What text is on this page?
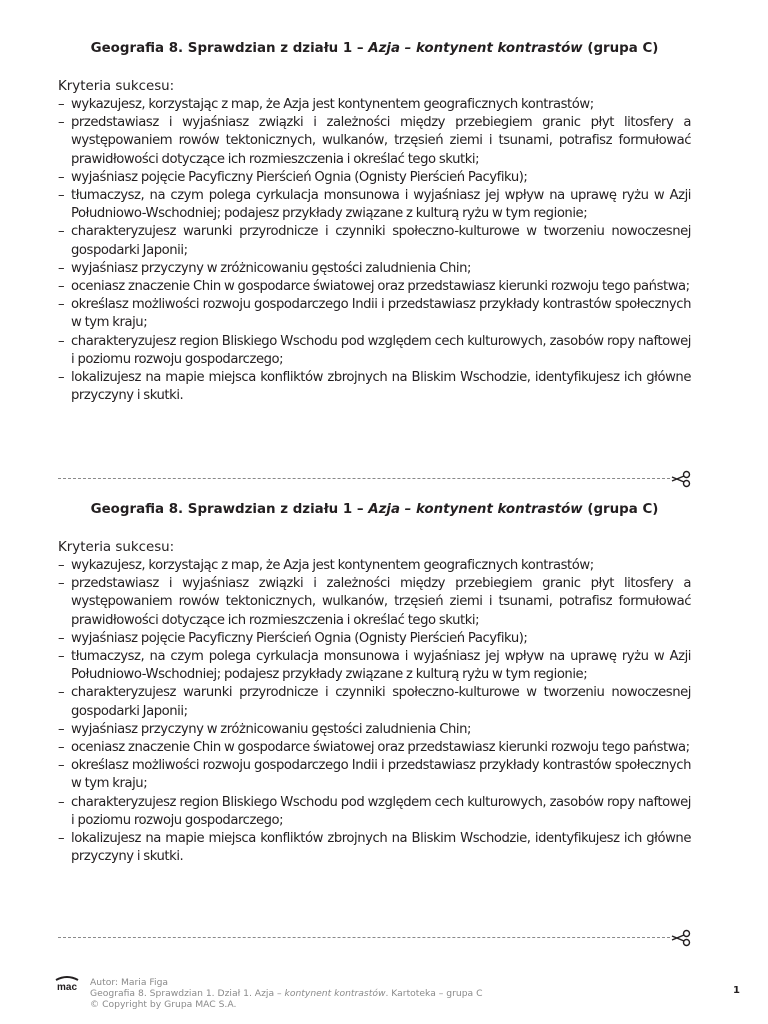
Geografia 8. Sprawdzian z działu 1 – Azja – kontynent kontrastów (grupa C)
Kryteria sukcesu:
– wykazujesz, korzystając z map, że Azja jest kontynentem geograficznych kontrastów;
– przedstawiasz i wyjaśniasz związki i zależności między przebiegiem granic płyt litosfery a występowaniem rowów tektonicznych, wulkanów, trzęsień ziemi i tsunami, potrafisz formułować prawidłowości dotyczące ich rozmieszczenia i określać tego skutki;
– wyjaśniasz pojęcie Pacyficzny Pierścień Ognia (Ognisty Pierścień Pacyfiku);
– tłumaczysz, na czym polega cyrkulacja monsunowa i wyjaśniasz jej wpływ na uprawę ryżu w Azji Południowo-Wschodniej; podajesz przykłady związane z kulturą ryżu w tym regionie;
– charakteryzujesz warunki przyrodnicze i czynniki społeczno-kulturowe w tworzeniu nowoczesnej gospodarki Japonii;
– wyjaśniasz przyczyny w zróżnicowaniu gęstości zaludnienia Chin;
– oceniasz znaczenie Chin w gospodarce światowej oraz przedstawiasz kierunki rozwoju tego państwa;
– określasz możliwości rozwoju gospodarczego Indii i przedstawiasz przykłady kontrastów społecznych w tym kraju;
– charakteryzujesz region Bliskiego Wschodu pod względem cech kulturowych, zasobów ropy naftowej i poziomu rozwoju gospodarczego;
– lokalizujesz na mapie miejsca konfliktów zbrojnych na Bliskim Wschodzie, identyfikujesz ich główne przyczyny i skutki.
Geografia 8. Sprawdzian z działu 1 – Azja – kontynent kontrastów (grupa C)
Kryteria sukcesu:
– wykazujesz, korzystając z map, że Azja jest kontynentem geograficznych kontrastów;
– przedstawiasz i wyjaśniasz związki i zależności między przebiegiem granic płyt litosfery a występowaniem rowów tektonicznych, wulkanów, trzęsień ziemi i tsunami, potrafisz formułować prawidłowości dotyczące ich rozmieszczenia i określać tego skutki;
– wyjaśniasz pojęcie Pacyficzny Pierścień Ognia (Ognisty Pierścień Pacyfiku);
– tłumaczysz, na czym polega cyrkulacja monsunowa i wyjaśniasz jej wpływ na uprawę ryżu w Azji Południowo-Wschodniej; podajesz przykłady związane z kulturą ryżu w tym regionie;
– charakteryzujesz warunki przyrodnicze i czynniki społeczno-kulturowe w tworzeniu nowoczesnej gospodarki Japonii;
– wyjaśniasz przyczyny w zróżnicowaniu gęstości zaludnienia Chin;
– oceniasz znaczenie Chin w gospodarce światowej oraz przedstawiasz kierunki rozwoju tego państwa;
– określasz możliwości rozwoju gospodarczego Indii i przedstawiasz przykłady kontrastów społecznych w tym kraju;
– charakteryzujesz region Bliskiego Wschodu pod względem cech kulturowych, zasobów ropy naftowej i poziomu rozwoju gospodarczego;
– lokalizujesz na mapie miejsca konfliktów zbrojnych na Bliskim Wschodzie, identyfikujesz ich główne przyczyny i skutki.
mac Autor: Maria Figa
Geografia 8. Sprawdzian 1. Dział 1. Azja – kontynent kontrastów. Kartoteka – grupa C
© Copyright by Grupa MAC S.A.
1
